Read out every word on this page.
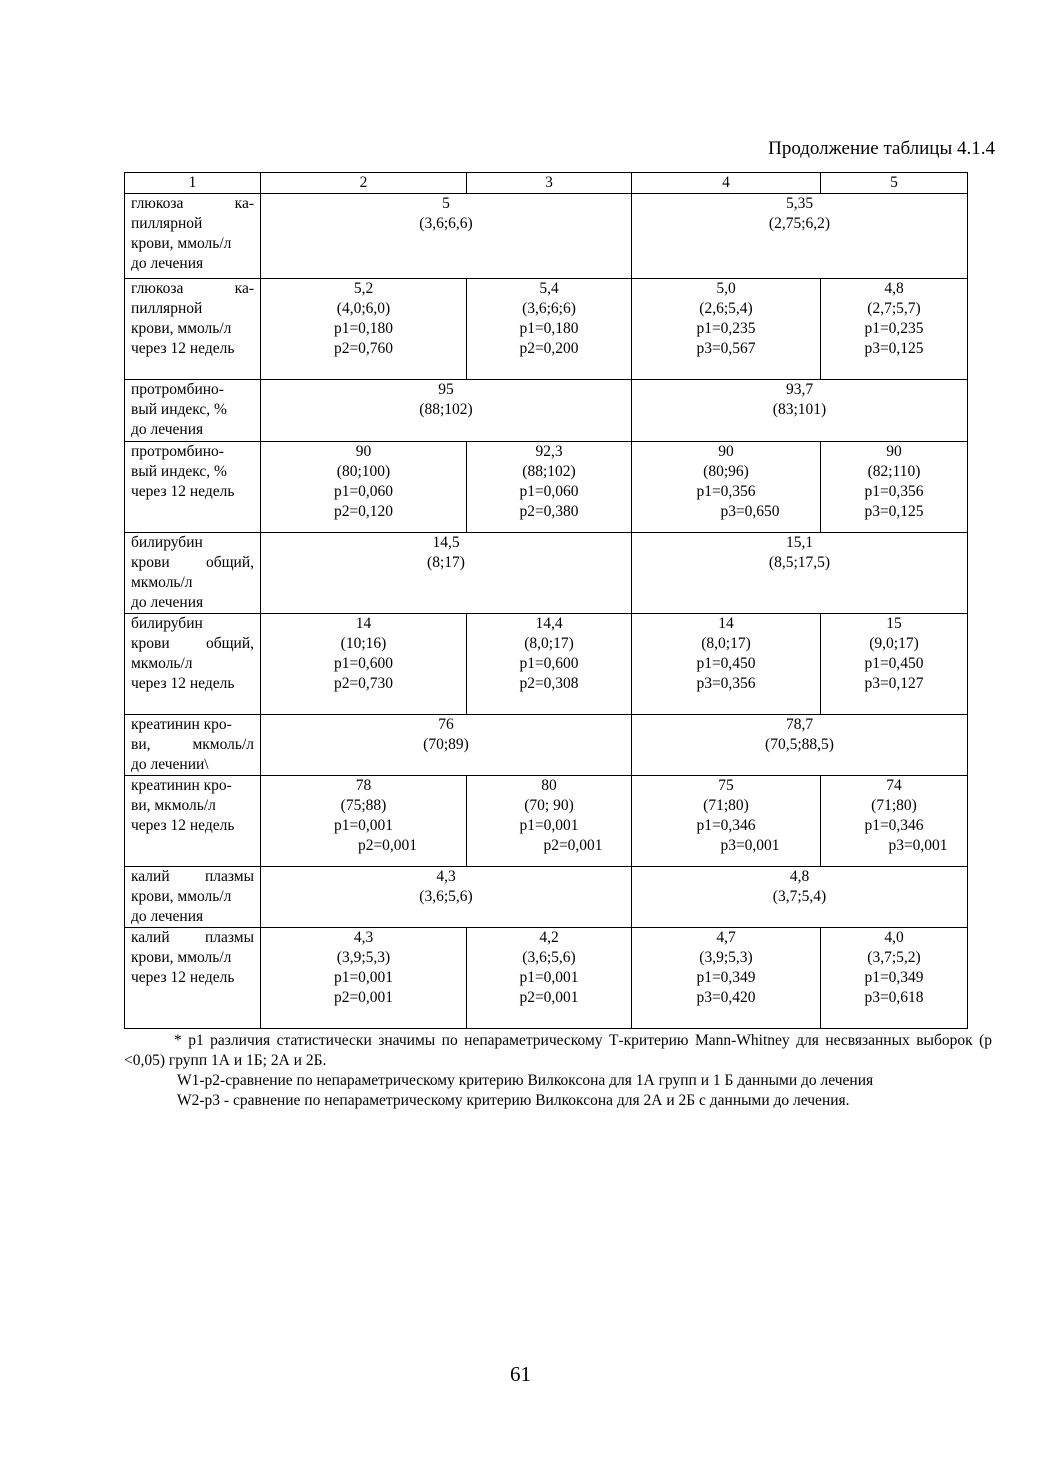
Продолжение таблицы 4.1.4
1	2	3	4	5

глюкоза ка-
пиллярной
крови, ммоль/л
до лечения	5
(3,6;6,6)		5,35
(2,75;6,2)	

глюкоза ка-
пиллярной
крови, ммоль/л
через 12 недель	5,2
(4,0;6,0)
p1=0,180
p2=0,760	5,4
(3,6;6;6)
p1=0,180
p2=0,200	5,0
(2,6;5,4)
p1=0,235
p3=0,567	4,8
(2,7;5,7)
p1=0,235
p3=0,125

протромбино-
вый индекс, %
до лечения	95
(88;102)		93,7
(83;101)	

протромбино-
вый индекс, %
через 12 недель	90
(80;100)
p1=0,060
p2=0,120	92,3
(88;102)
p1=0,060
p2=0,380	90
(80;96)
p1=0,356
p3=0,650	90
(82;110)
p1=0,356
p3=0,125

билирубин
крови общий,
мкмоль/л
до лечения	14,5
(8;17)		15,1
(8,5;17,5)	

билирубин
крови общий,
мкмоль/л
через 12 недель	14
(10;16)
p1=0,600
p2=0,730	14,4
(8,0;17)
p1=0,600
p2=0,308	14
(8,0;17)
p1=0,450
p3=0,356	15
(9,0;17)
p1=0,450
p3=0,127

креатинин кро-
ви, мкмоль/л
до лечении\	76
(70;89)		78,7
(70,5;88,5)	

креатинин кро-
ви, мкмоль/л
через 12 недель	78
(75;88)
p1=0,001
p2=0,001	80
(70; 90)
p1=0,001
p2=0,001	75
(71;80)
p1=0,346
p3=0,001	74
(71;80)
p1=0,346
p3=0,001

калий плазмы
крови, ммоль/л
до лечения	4,3
(3,6;5,6)		4,8
(3,7;5,4)	

калий плазмы
крови, ммоль/л
через 12 недель	4,3
(3,9;5,3)
p1=0,001
p2=0,001	4,2
(3,6;5,6)
p1=0,001
p2=0,001	4,7
(3,9;5,3)
p1=0,349
p3=0,420	4,0
(3,7;5,2)
p1=0,349
p3=0,618

* p1 различия статистически значимы по непараметрическому Т-критерию Mann-Whitney для несвязанных выборок (p <0,05) групп 1А и 1Б; 2А и 2Б.

W1-p2-сравнение по непараметрическому критерию Вилкоксона для 1А групп и 1 Б данными до лечения

W2-p3 - сравнение по непараметрическому критерию Вилкоксона для 2А и 2Б с данными до лечения.

61
